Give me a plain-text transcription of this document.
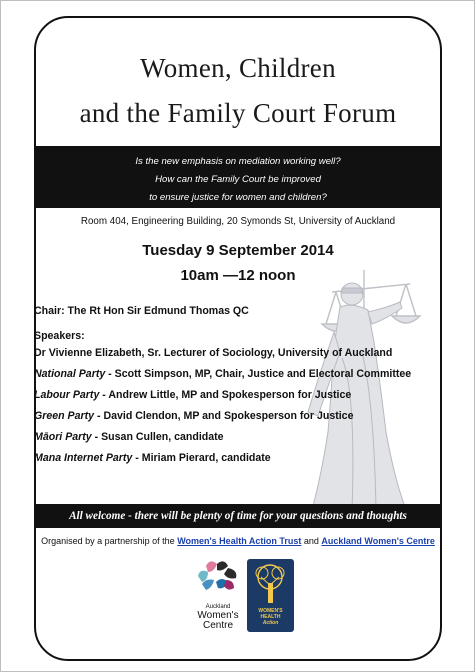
Women, Children
and the Family Court Forum
Is the new emphasis on mediation working well?
How can the Family Court be improved
to ensure justice for women and children?
Room 404, Engineering Building, 20 Symonds St, University of Auckland
Tuesday 9 September 2014
10am —12 noon
Chair: The Rt Hon Sir Edmund Thomas QC
Speakers:
Dr Vivienne Elizabeth, Sr. Lecturer of Sociology, University of Auckland
National Party - Scott Simpson, MP, Chair, Justice and Electoral Committee
Labour Party - Andrew Little, MP and Spokesperson for Justice
Green Party - David Clendon, MP and Spokesperson for Justice
Māori Party - Susan Cullen, candidate
Mana Internet Party - Miriam Pierard, candidate
All welcome - there will be plenty of time for your questions and thoughts
Organised by a partnership of the Women's Health Action Trust and Auckland Women's Centre
Auckland
Women's
Centre
WOMEN'S
HEALTH
Action
